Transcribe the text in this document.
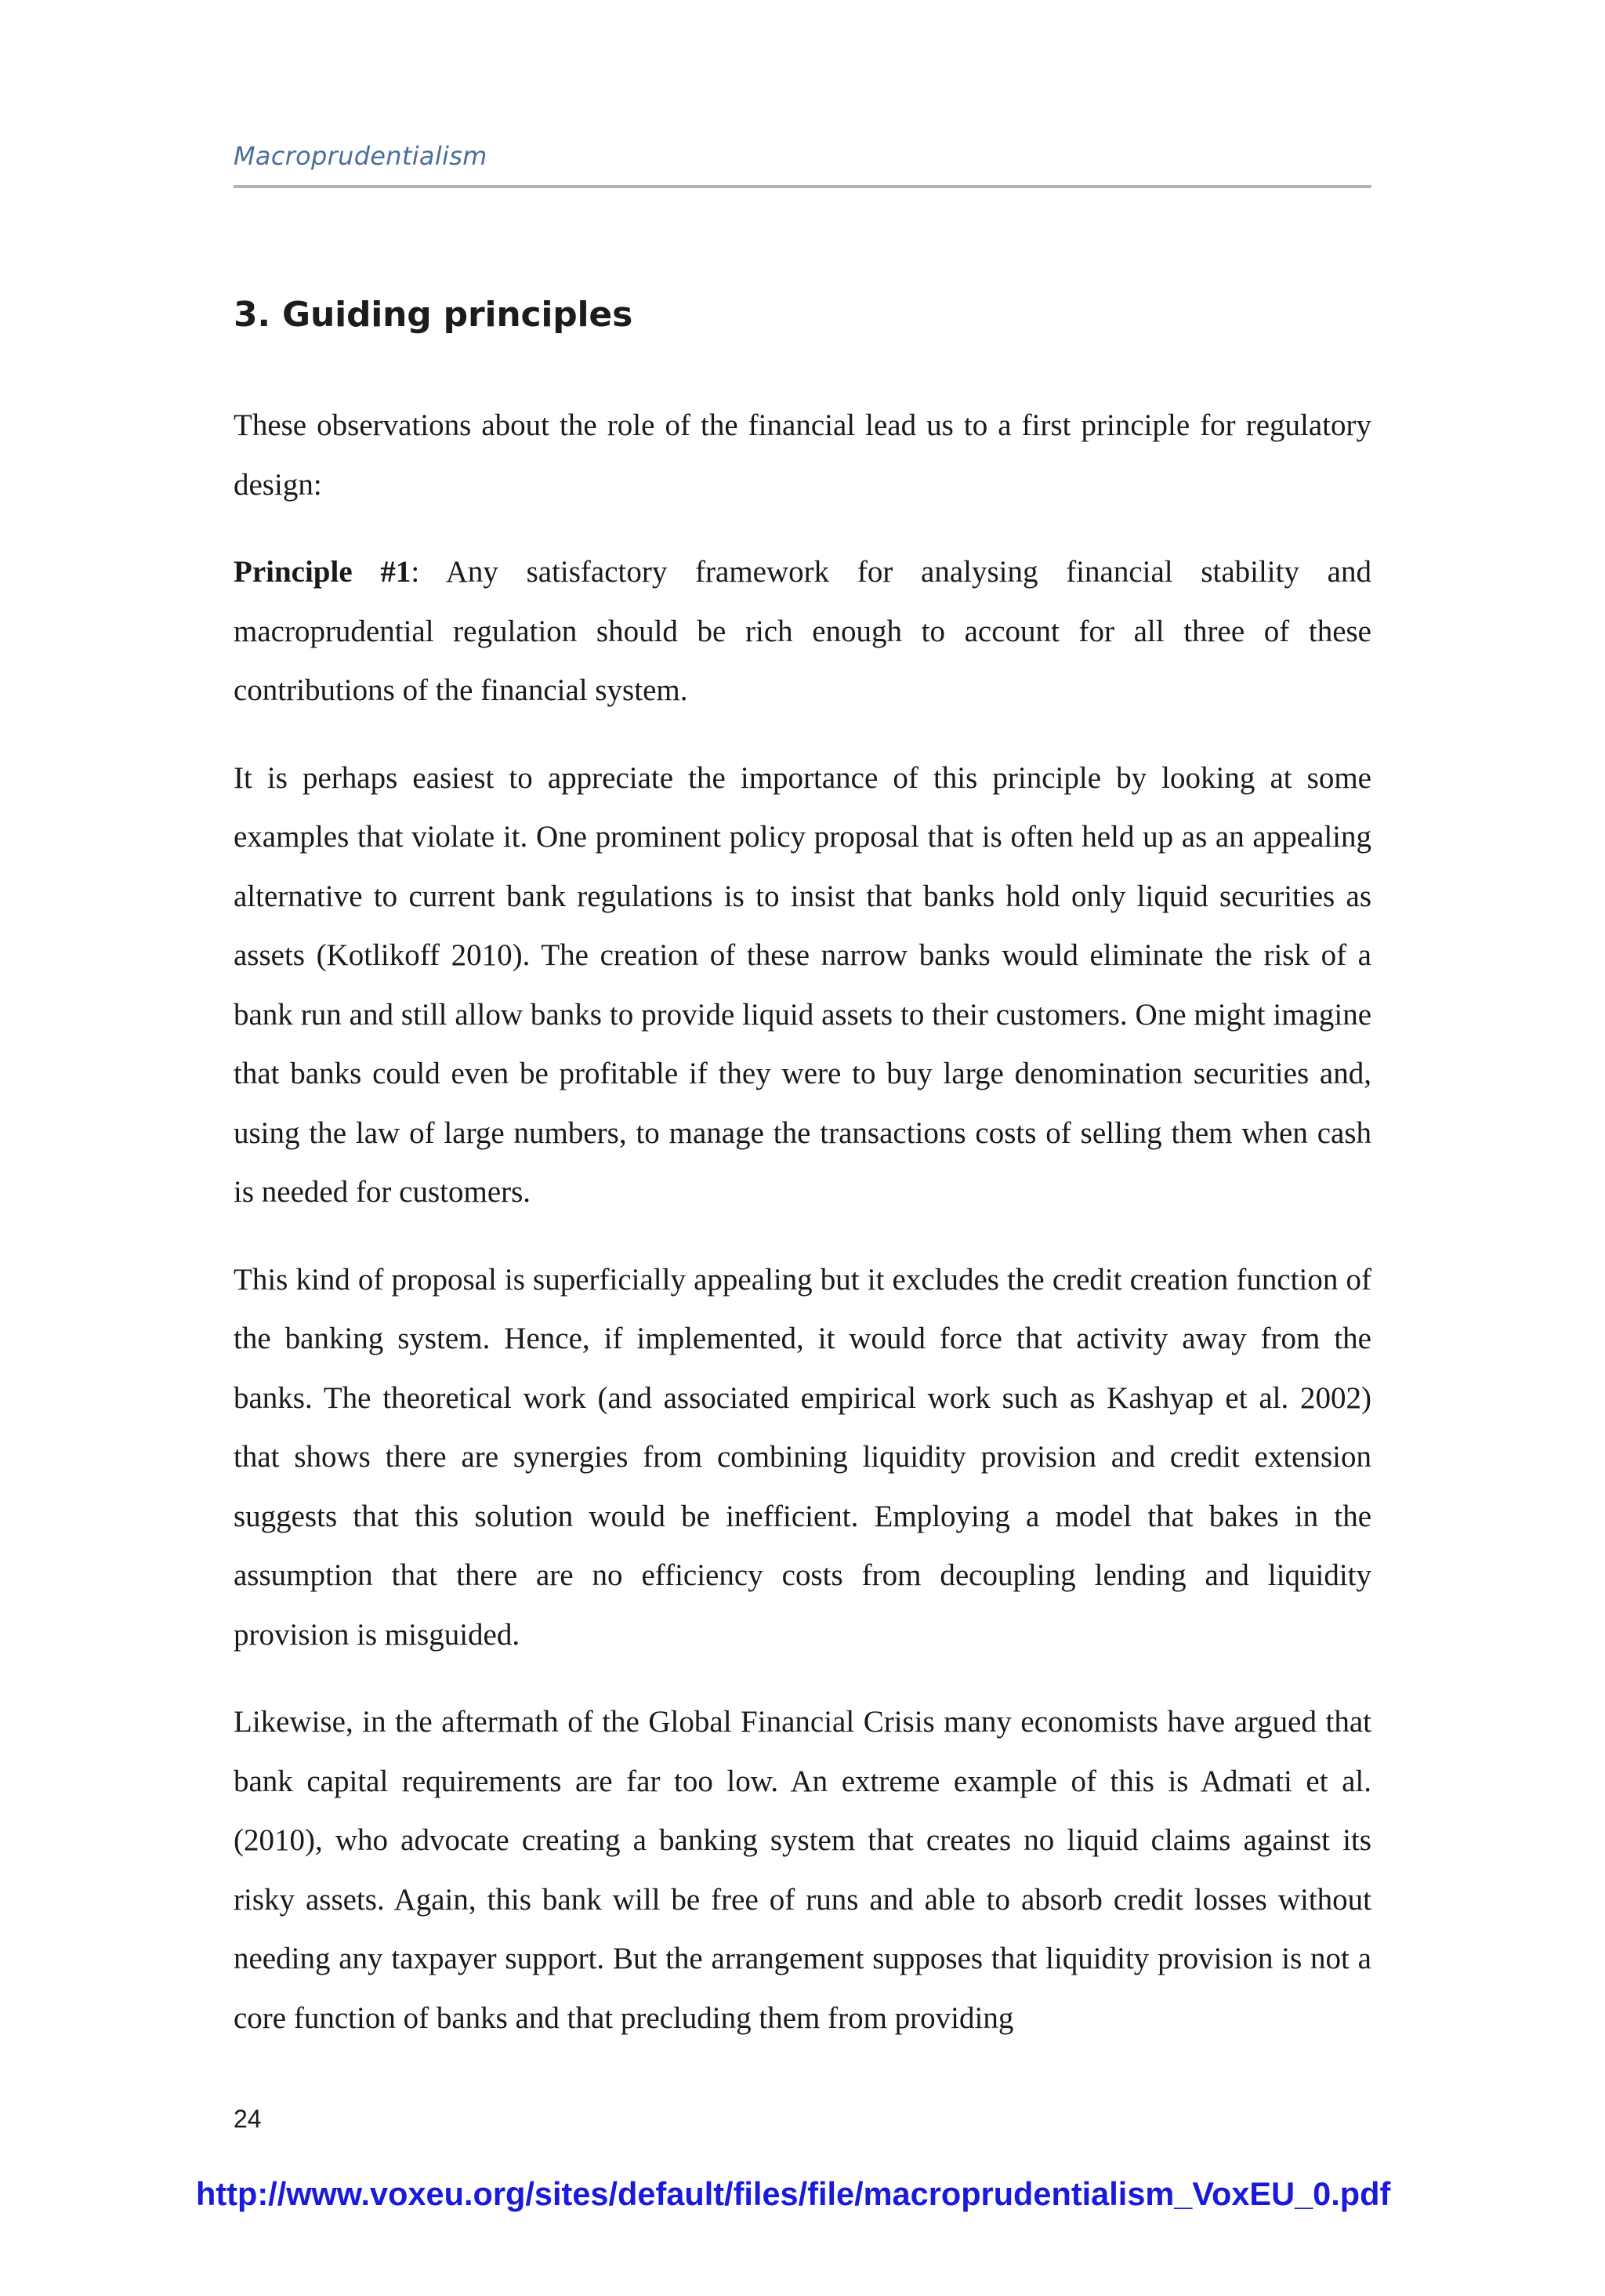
Macroprudentialism
3. Guiding principles

These observations about the role of the financial lead us to a first principle for regulatory design:

Principle #1: Any satisfactory framework for analysing financial stability and macroprudential regulation should be rich enough to account for all three of these contributions of the financial system.

It is perhaps easiest to appreciate the importance of this principle by looking at some examples that violate it. One prominent policy proposal that is often held up as an appealing alternative to current bank regulations is to insist that banks hold only liquid securities as assets (Kotlikoff 2010). The creation of these narrow banks would eliminate the risk of a bank run and still allow banks to provide liquid assets to their customers. One might imagine that banks could even be profitable if they were to buy large denomination securities and, using the law of large numbers, to manage the transactions costs of selling them when cash is needed for customers.

This kind of proposal is superficially appealing but it excludes the credit creation function of the banking system. Hence, if implemented, it would force that activity away from the banks. The theoretical work (and associated empirical work such as Kashyap et al. 2002) that shows there are synergies from combining liquidity provision and credit extension suggests that this solution would be inefficient. Employing a model that bakes in the assumption that there are no efficiency costs from decoupling lending and liquidity provision is misguided.

Likewise, in the aftermath of the Global Financial Crisis many economists have argued that bank capital requirements are far too low. An extreme example of this is Admati et al. (2010), who advocate creating a banking system that creates no liquid claims against its risky assets. Again, this bank will be free of runs and able to absorb credit losses without needing any taxpayer support. But the arrangement supposes that liquidity provision is not a core function of banks and that precluding them from providing

24
http://www.voxeu.org/sites/default/files/file/macroprudentialism_VoxEU_0.pdf
